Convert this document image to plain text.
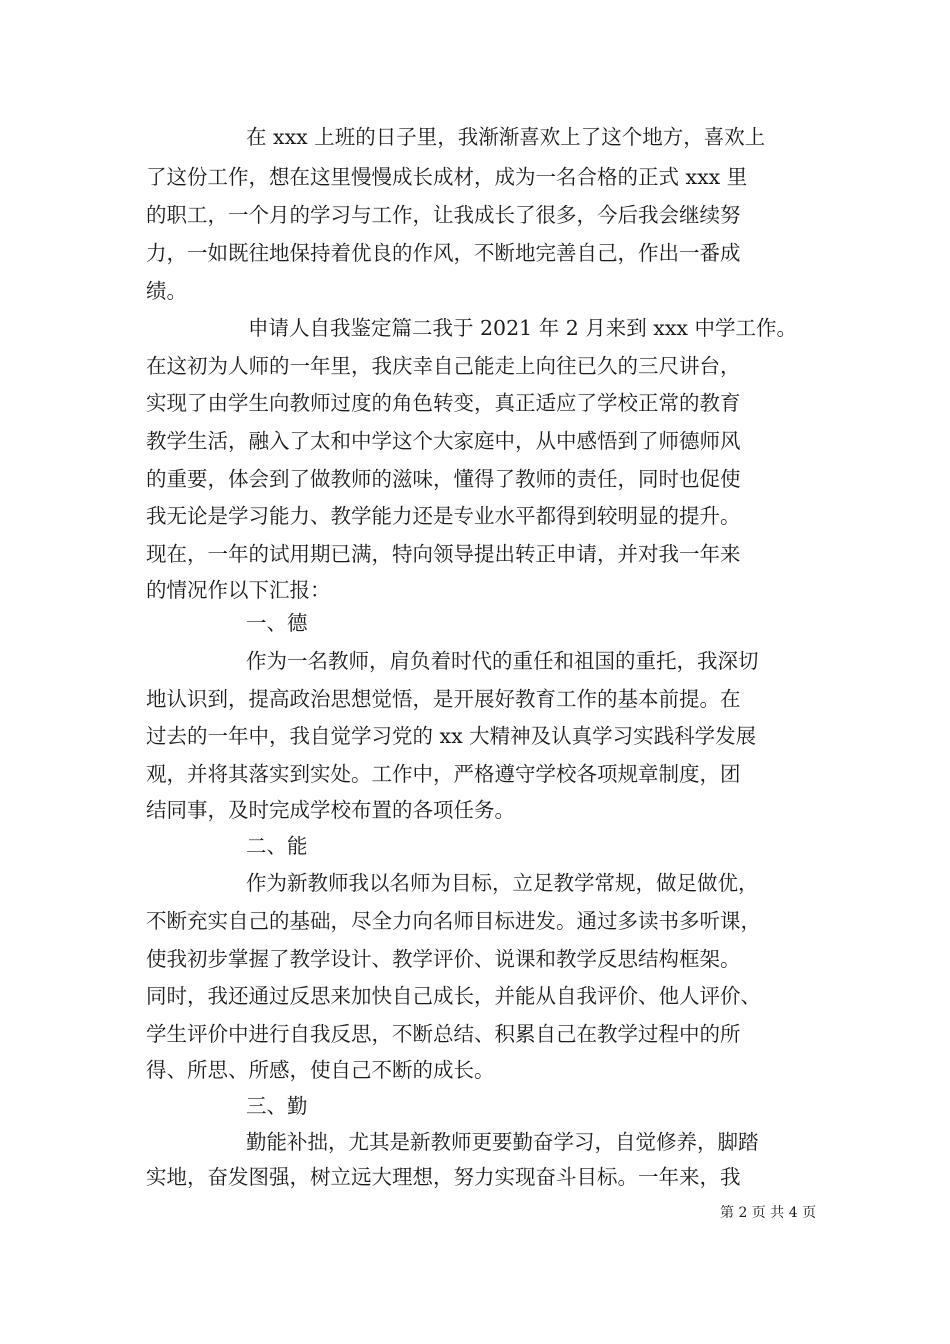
在 xxx 上班的日子里，我渐渐喜欢上了这个地方，喜欢上
了这份工作，想在这里慢慢成长成材，成为一名合格的正式 xxx 里
的职工，一个月的学习与工作，让我成长了很多，今后我会继续努
力，一如既往地保持着优良的作风，不断地完善自己，作出一番成
绩。
申请人自我鉴定篇二我于 2021 年 2 月来到 xxx 中学工作。
在这初为人师的一年里，我庆幸自己能走上向往已久的三尺讲台，
实现了由学生向教师过度的角色转变，真正适应了学校正常的教育
教学生活，融入了太和中学这个大家庭中，从中感悟到了师德师风
的重要，体会到了做教师的滋味，懂得了教师的责任，同时也促使
我无论是学习能力、教学能力还是专业水平都得到较明显的提升。
现在，一年的试用期已满，特向领导提出转正申请，并对我一年来
的情况作以下汇报：
一、德
作为一名教师，肩负着时代的重任和祖国的重托，我深切
地认识到，提高政治思想觉悟，是开展好教育工作的基本前提。在
过去的一年中，我自觉学习党的 xx 大精神及认真学习实践科学发展
观，并将其落实到实处。工作中，严格遵守学校各项规章制度，团
结同事，及时完成学校布置的各项任务。
二、能
作为新教师我以名师为目标，立足教学常规，做足做优，
不断充实自己的基础，尽全力向名师目标进发。通过多读书多听课，
使我初步掌握了教学设计、教学评价、说课和教学反思结构框架。
同时，我还通过反思来加快自己成长，并能从自我评价、他人评价、
学生评价中进行自我反思，不断总结、积累自己在教学过程中的所
得、所思、所感，使自己不断的成长。
三、勤
勤能补拙，尤其是新教师更要勤奋学习，自觉修养，脚踏
实地，奋发图强，树立远大理想，努力实现奋斗目标。一年来，我
第 2 页 共 4 页
